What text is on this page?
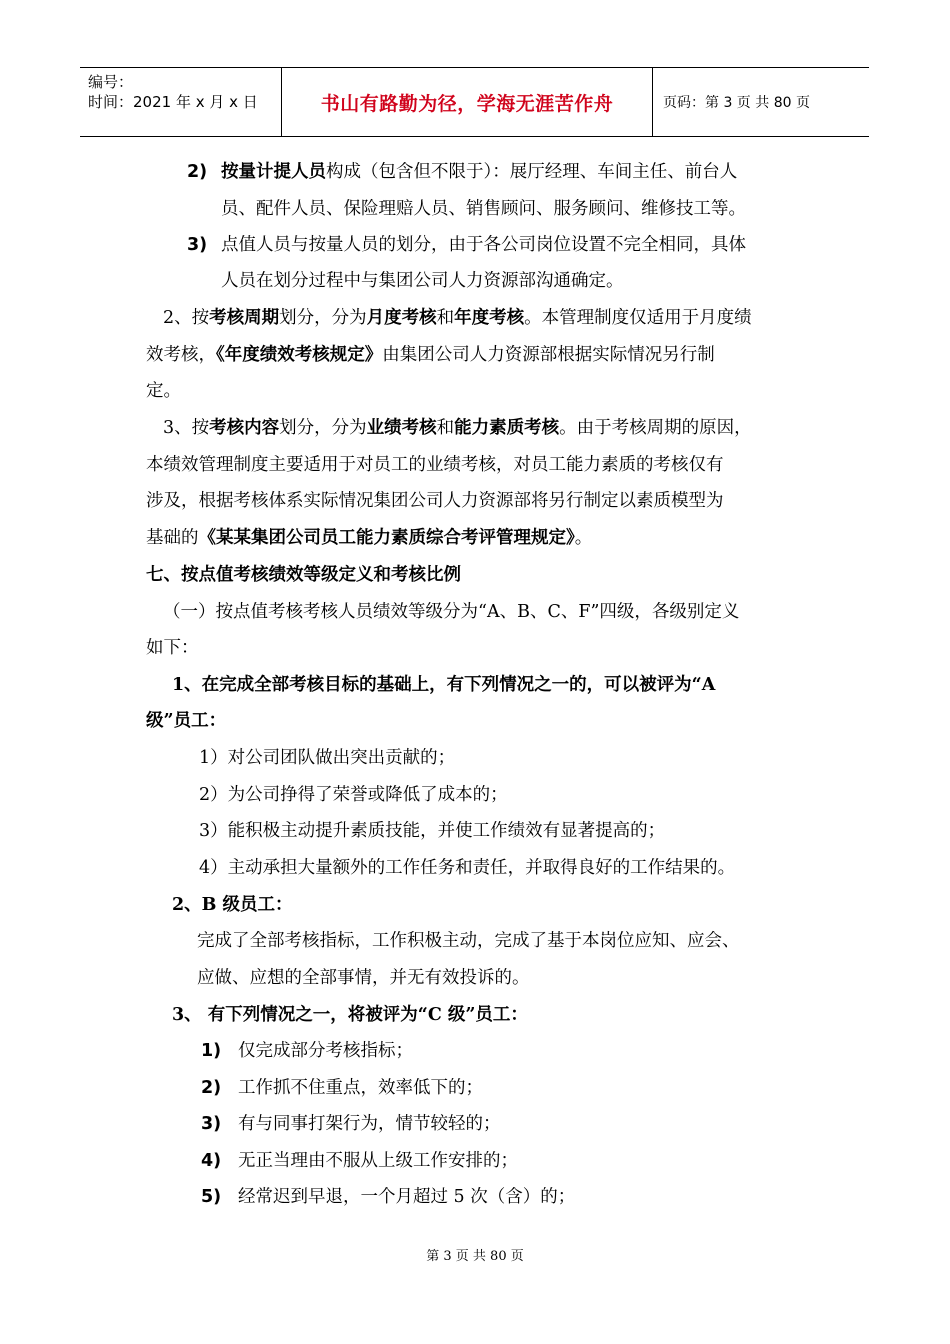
编号：
时间：2021 年 x 月 x 日	书山有路勤为径，学海无涯苦作舟	页码：第 3 页 共 80 页
2) 按量计提人员构成（包含但不限于）：展厅经理、车间主任、前台人
员、配件人员、保险理赔人员、销售顾问、服务顾问、维修技工等。
3) 点值人员与按量人员的划分，由于各公司岗位设置不完全相同，具体
人员在划分过程中与集团公司人力资源部沟通确定。
2、按考核周期划分，分为月度考核和年度考核。本管理制度仅适用于月度绩
效考核，《年度绩效考核规定》由集团公司人力资源部根据实际情况另行制
定。
3、按考核内容划分，分为业绩考核和能力素质考核。由于考核周期的原因，
本绩效管理制度主要适用于对员工的业绩考核，对员工能力素质的考核仅有
涉及，根据考核体系实际情况集团公司人力资源部将另行制定以素质模型为
基础的《某某集团公司员工能力素质综合考评管理规定》。
七、按点值考核绩效等级定义和考核比例
（一）按点值考核考核人员绩效等级分为“A、B、C、F”四级，各级别定义
如下：
1、在完成全部考核目标的基础上，有下列情况之一的，可以被评为“A
级”员工：
1）对公司团队做出突出贡献的；
2）为公司挣得了荣誉或降低了成本的；
3）能积极主动提升素质技能，并使工作绩效有显著提高的；
4）主动承担大量额外的工作任务和责任，并取得良好的工作结果的。
2、B 级员工：
完成了全部考核指标，工作积极主动，完成了基于本岗位应知、应会、
应做、应想的全部事情，并无有效投诉的。
3、 有下列情况之一，将被评为“C 级”员工：
1) 仅完成部分考核指标；
2) 工作抓不住重点，效率低下的；
3) 有与同事打架行为，情节较轻的；
4) 无正当理由不服从上级工作安排的；
5) 经常迟到早退，一个月超过 5 次（含）的；
第 3 页 共 80 页
